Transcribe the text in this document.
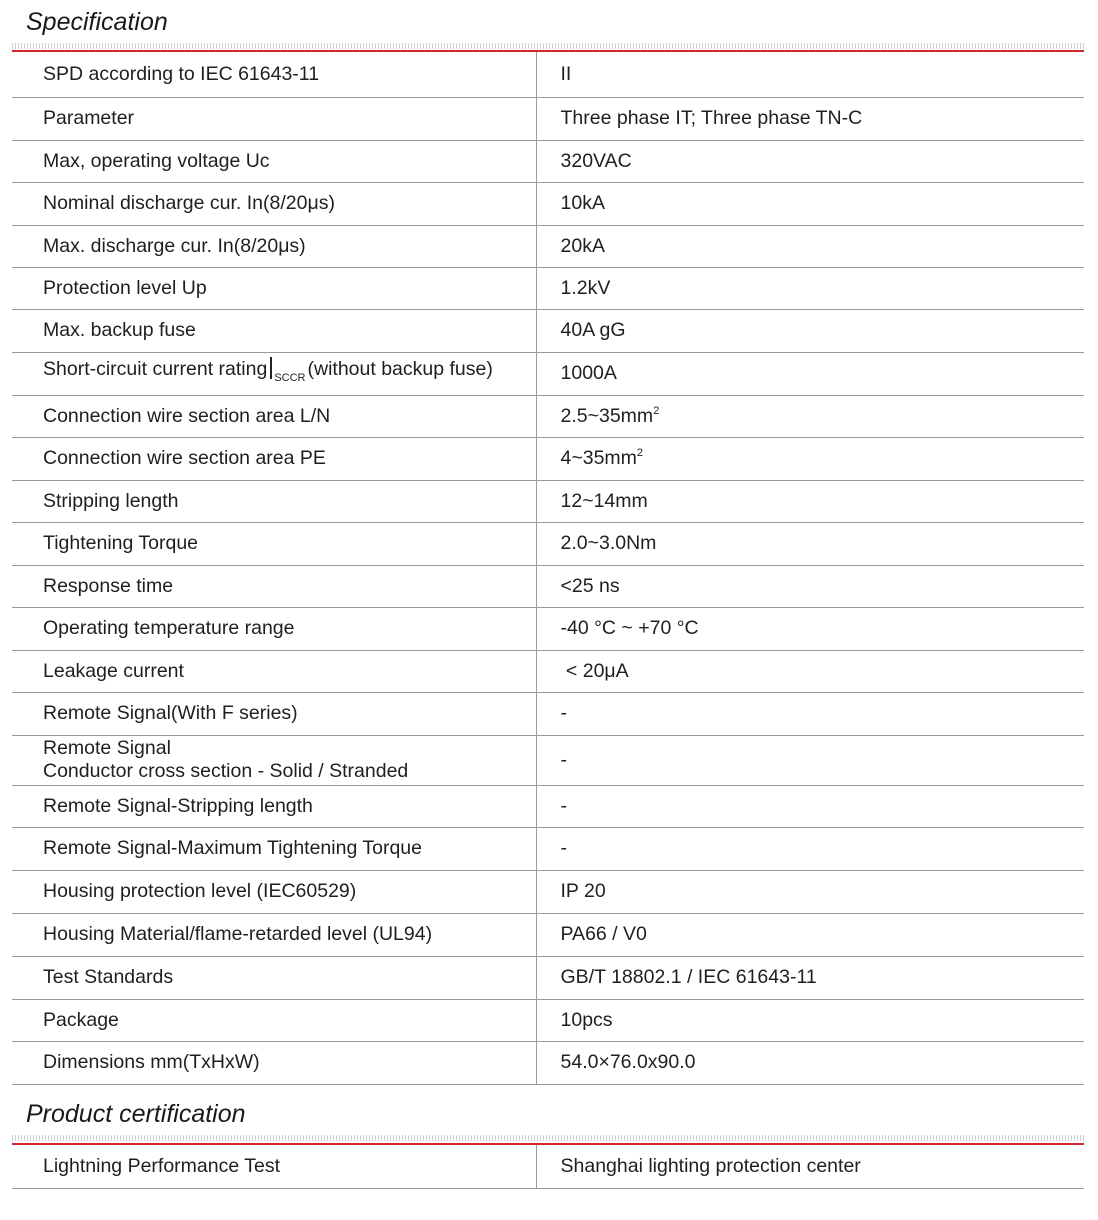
Specification
SPD according to IEC 61643-11	II
Parameter	Three phase IT; Three phase TN-C
Max, operating voltage Uc	320VAC
Nominal discharge cur. In(8/20μs)	10kA
Max. discharge cur. In(8/20μs)	20kA
Protection level Up	1.2kV
Max. backup fuse	40A gG
Short-circuit current rating $_{SCCR}$ (without backup fuse)	1000A
Connection wire section area L/N	$2.5\sim 35mm^2$
Connection wire section area PE	$4\sim 35mm^2$
Stripping length	12~14mm
Tightening Torque	2.0~3.0Nm
Response time	<25 ns
Operating temperature range	-40 °C ~ +70 °C
Leakage current	< 20μA
Remote Signal(With F series)	-

Remote Signal
Conductor cross section - Solid / Stranded	-
Remote Signal-Stripping length	-
Remote Signal-Maximum Tightening Torque	-
Housing protection level (IEC60529)	IP 20
Housing Material/flame-retarded level (UL94)	PA66 / V0
Test Standards	GB/T 18802.1 / IEC 61643-11
Package	10pcs
Dimensions mm(TxHxW)	54.0×76.0x90.0
Product certification
Lightning Performance Test	Shanghai lighting protection center
